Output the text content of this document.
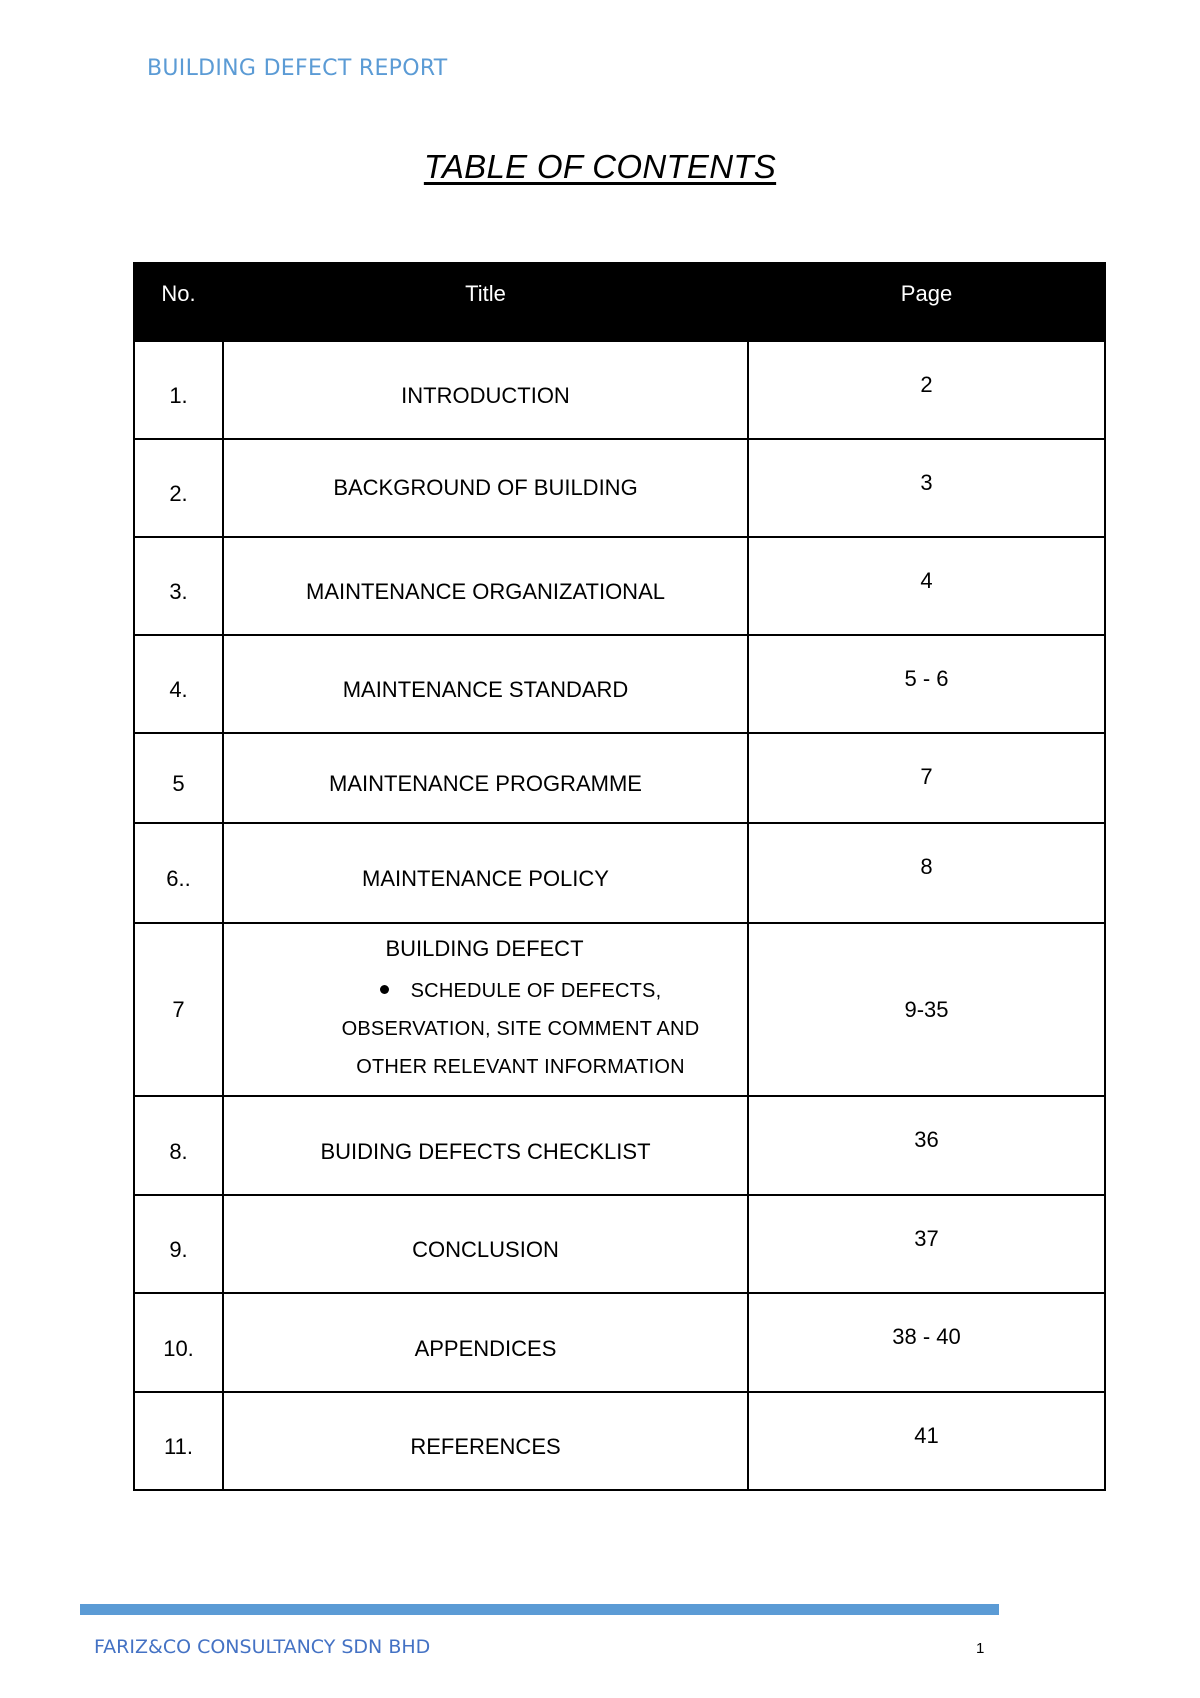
BUILDING DEFECT REPORT
TABLE OF CONTENTS
No.	Title	Page
1.	INTRODUCTION	2
2.	BACKGROUND OF BUILDING	3
3.	MAINTENANCE ORGANIZATIONAL	4
4.	MAINTENANCE STANDARD	5 - 6
5	MAINTENANCE PROGRAMME	7
6..	MAINTENANCE POLICY	8
7	BUILDING DEFECT
SCHEDULE OF DEFECTS,
OBSERVATION, SITE COMMENT AND
OTHER RELEVANT INFORMATION	9-35
8.	BUIDING DEFECTS CHECKLIST	36
9.	CONCLUSION	37
10.	APPENDICES	38 - 40
11.	REFERENCES	41
FARIZ&CO CONSULTANCY SDN BHD	1
